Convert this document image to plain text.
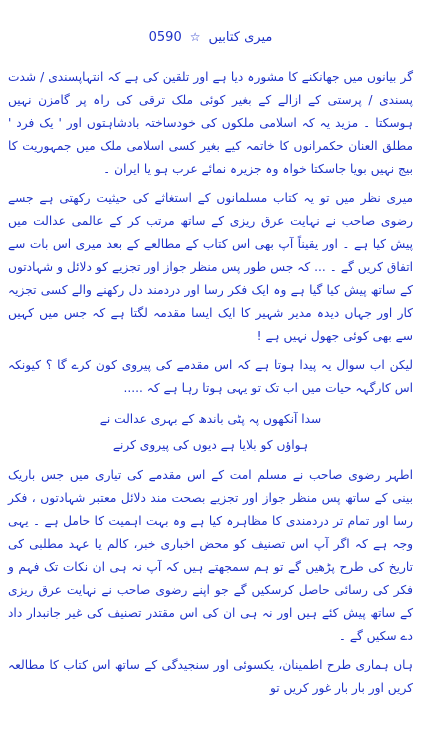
0590 ☆ میری کتابیں

گر بیانوں میں جھانکنے کا مشورہ دیا ہے اور تلقین کی ہے کہ انتہاپسندی / شدت پسندی / پرستی کے ازالے کے بغیر کوئی ملک ترقی کی راہ پر گامزن نہیں ہوسکتا ۔ مزید یہ کہ اسلامی ملکوں کی خودساختہ بادشاہتوں اور ' یک فرد ' مطلق العنان حکمرانوں کا خاتمہ کیے بغیر کسی اسلامی ملک میں جمہوریت کا بیج نہیں بویا جاسکتا خواہ وہ جزیرہ نمائے عرب ہو یا ایران ۔

میری نظر میں تو یہ کتاب مسلمانوں کے استغاثے کی حیثیت رکھتی ہے جسے رضوی صاحب نے نہایت عرق ریزی کے ساتھ مرتب کر کے عالمی عدالت میں پیش کیا ہے ۔ اور یقیناً آپ بھی اس کتاب کے مطالعے کے بعد میری اس بات سے اتفاق کریں گے ۔ ... کہ جس طور پس منظر جواز اور تجزیے کو دلائل و شہادتوں کے ساتھ پیش کیا گیا ہے وہ ایک فکر رسا اور دردمند دل رکھنے والے کسی تجزیہ کار اور جہاں دیدہ مدیر شہیر کا ایک ایسا مقدمہ لگتا ہے کہ جس میں کہیں سے بھی کوئی جھول نہیں ہے !

لیکن اب سوال یہ پیدا ہوتا ہے کہ اس مقدمے کی پیروی کون کرے گا ؟ کیونکہ اس کارگہہ حیات میں اب تک تو یہی ہوتا رہا ہے کہ .....

سدا آنکھوں پہ پٹی باندھ کے بہری عدالت نے
ہواؤں کو بلایا ہے دیوں کی پیروی کرنے

اطہر رضوی صاحب نے مسلم امت کے اس مقدمے کی تیاری میں جس باریک بینی کے ساتھ پس منظر جواز اور تجزیے بصحت مند دلائل معتبر شہادتوں ، فکر رسا اور تمام تر دردمندی کا مظاہرہ کیا ہے وہ بہت اہمیت کا حامل ہے ۔ یہی وجہ ہے کہ اگر آپ اس تصنیف کو محض اخباری خبر، کالم یا عہد مطلبی کی تاریخ کی طرح پڑھیں گے تو ہم سمجھتے ہیں کہ آپ نہ ہی ان نکات تک فہم و فکر کی رسائی حاصل کرسکیں گے جو اپنے رضوی صاحب نے نہایت عرق ریزی کے ساتھ پیش کئے ہیں اور نہ ہی ان کی اس مقتدر تصنیف کی غیر جانبدار داد دے سکیں گے ۔

ہاں ہماری طرح اطمینان، یکسوئی اور سنجیدگی کے ساتھ اس کتاب کا مطالعہ کریں اور بار بار غور کریں تو
